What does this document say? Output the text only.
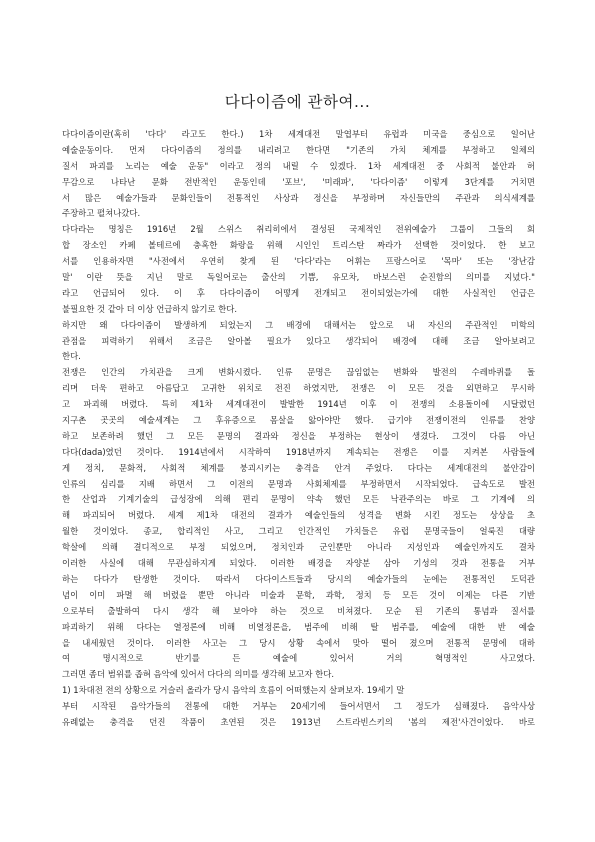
다다이즘에 관하여...
다다이즘이란(혹히 '다다' 라고도 한다.) 1차 세계대전 말엽부터 유럽과 미국을 중심으로 일어난
예술운동이다. 먼저 다다이즘의 정의를 내리려고 한다면 "기존의 가치 체계를 부정하고 일체의
질서 파괴를 노리는 예술 운동" 이라고 정의 내릴 수 있겠다. 1차 세계대전 중 사회적 불안과 허
무감으로 나타난 문화 전반적인 운동인데 '포브', '미래파', '다다이즘' 이렇게 3단계를 거치면
서 많은 예술가들과 문화인들이 전통적인 사상과 정신을 부정하며 자신들만의 주관과 의식세계를
주장하고 펼쳐나갔다.
다다라는 명칭은 1916년 2월 스위스 취리히에서 결성된 국제적인 전위예술가 그룹이 그들의 회
합 장소인 카페 볼테르에 충혹한 화랑을 위해 시인인 트리스탄 짜라가 선택한 것이었다. 한 보고
서를 인용하자면 "사전에서 우연히 찾게 된 '다다'라는 어휘는 프랑스어로 '목마' 또는 '장난감
말' 이란 뜻을 지닌 말로 독일어로는 출산의 기쁨, 유모차, 바보스런 순진함의 의미를 지녔다."
라고 언급되어 있다. 이 후 다다이즘이 어떻게 전개되고 전이되었는가에 대한 사실적인 언급은
불필요한 것 같아 더 이상 언급하지 않기로 한다.
하지만 왜 다다이즘이 발생하게 되었는지 그 배경에 대해서는 앞으로 내 자신의 주관적인 미학의
관점을 피력하기 위해서 조금은 알아볼 필요가 있다고 생각되어 배경에 대해 조금 알아보려고
한다.
전쟁은 인간의 가치관을 크게 변화시켰다. 인류 문명은 끊임없는 변화와 발전의 수레바퀴를 돌
리며 더욱 편하고 아름답고 고귀한 위치로 전진 하였지만, 전쟁은 이 모든 것을 외면하고 무시하
고 파괴해 버렸다. 특히 제1차 세계대전이 발발한 1914년 이후 이 전쟁의 소용돌이에 시달렸던
지구촌 곳곳의 예술세계는 그 후유증으로 몸살을 앓아야만 했다. 급기야 전쟁이전의 인류를 찬양
하고 보존하려 했던 그 모든 문명의 결과와 정신을 부정하는 현상이 생겼다. 그것이 다름 아닌
다다(dada)였던 것이다. 1914년에서 시작하여 1918년까지 계속되는 전쟁은 이를 지켜본 사람들에
게 정치, 문화적, 사회적 체계를 붕괴시키는 충격을 안겨 주었다. 다다는 세계대전의 불안감이
인류의 심리를 지배 하면서 그 이전의 문명과 사회체제를 부정하면서 시작되었다. 급속도로 발전
한 산업과 기계기술의 급성장에 의해 편리 문명이 약속 했던 모든 낙관주의는 바로 그 기계에 의
해 파괴되어 버렸다. 세계 제1차 대전의 결과가 예술인들의 성격을 변화 시킨 정도는 상상을 초
월한 것이었다. 종교, 합리적인 사고, 그리고 인간적인 가치들은 유럽 문명국들이 얼룩진 대량
학살에 의해 결디적으로 부정 되었으며, 정치인과 군인뿐만 아니라 지성인과 예술인까지도 결차
이러한 사실에 대해 무관심하지게 되었다. 이러한 배경을 자양분 삼아 기성의 것과 전통을 거부
하는 다다가 탄생한 것이다. 따라서 다다이스트들과 당시의 예술가들의 눈에는 전통적인 도덕관
념이 이미 파멸 해 버렸을 뿐만 아니라 미술과 문학, 과학, 정치 등 모든 것이 이제는 다른 기반
으로부터 출발하여 다시 생각 해 보아야 하는 것으로 비쳐졌다. 모순 된 기존의 통념과 질서를
파괴하기 위해 다다는 열정론에 비해 비열정론을, 범주에 비해 탈 범주를, 예술에 대한 반 예술
을 내세웠던 것이다. 이러한 사고는 그 당시 상황 속에서 맞아 떨어 졌으며 전통적 문명에 대하
여 명시적으로 반기를 든 예술에 있어서 거의 혁명적인 사고였다.
그러면 좀더 범위를 좁혀 음악에 있어서 다다의 의미를 생각해 보고자 한다.
1) 1차대전 전의 상황으로 거슬러 올라가 당시 음악의 흐름이 어떠했는지 살펴보자. 19세기 말
부터 시작된 음악가들의 전통에 대한 거부는 20세기에 들어서면서 그 정도가 심해졌다. 음악사상
유례없는 충격을 던진 작품이 초연된 것은 1913년 스트라빈스키의 '봄의 제전'사건이었다. 바로
